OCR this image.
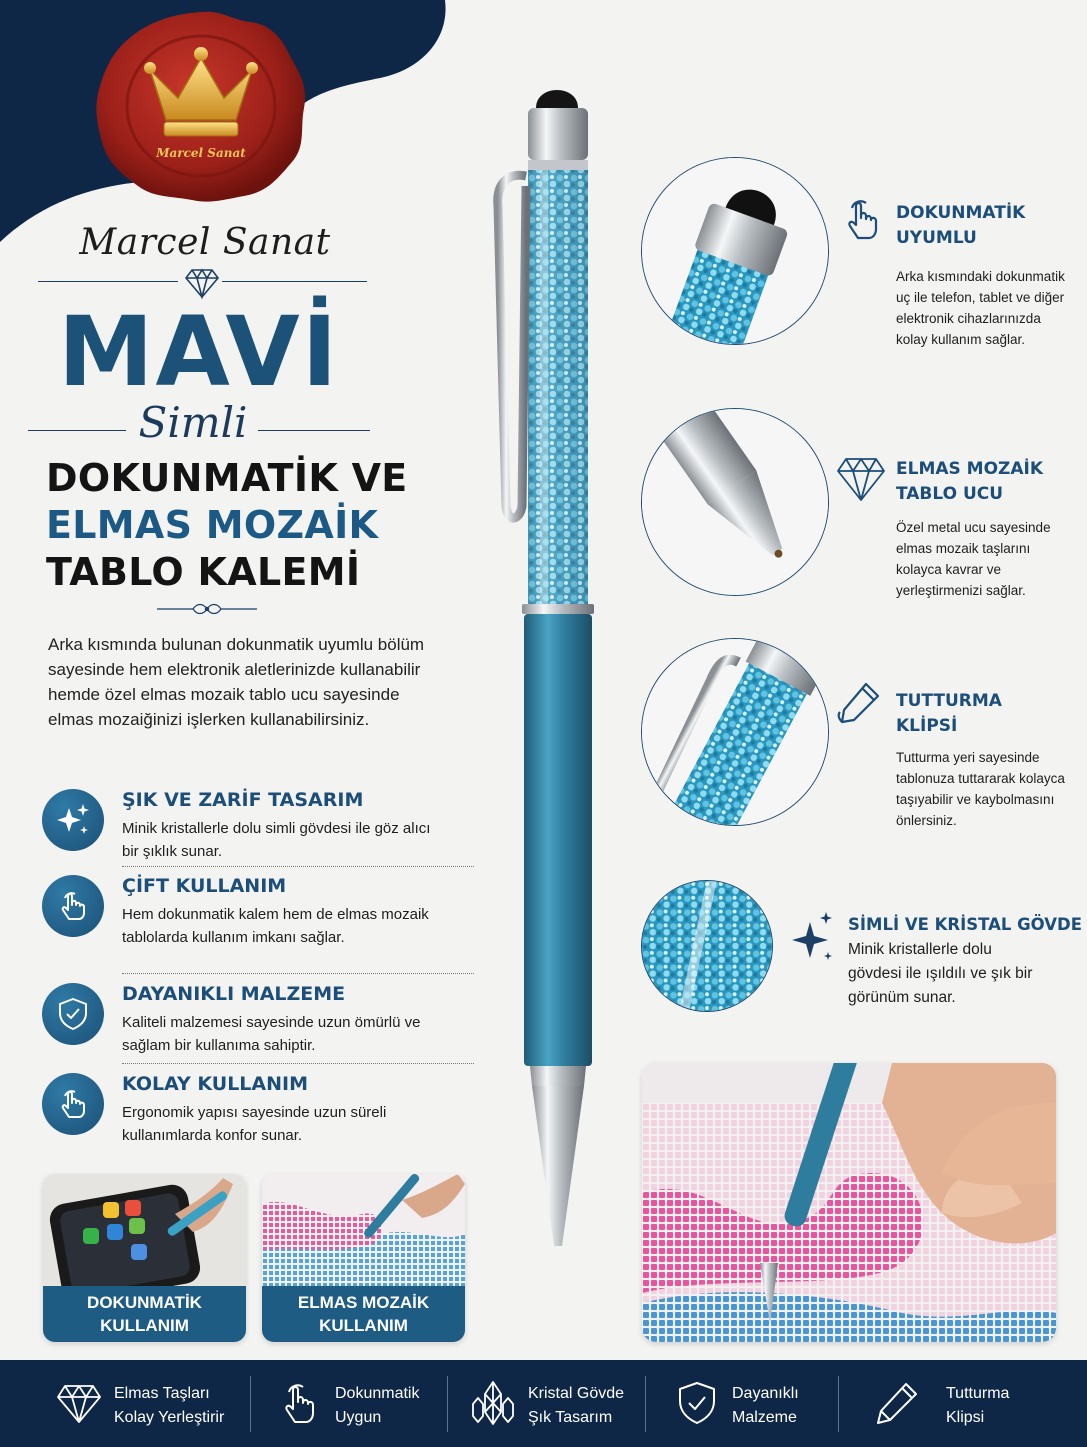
Marcel Sanat
Marcel Sanat
MAVİ
Simli
DOKUNMATİK VE
ELMAS MOZAİK
TABLO KALEMİ
Arka kısmında bulunan dokunmatik uyumlu bölüm sayesinde hem elektronik aletlerinizde kullanabilir hemde özel elmas mozaik tablo ucu sayesinde elmas mozaiğinizi işlerken kullanabilirsiniz.
ŞIK VE ZARİF TASARIM
Minik kristallerle dolu simli gövdesi ile göz alıcı bir şıklık sunar.
ÇİFT KULLANIM
Hem dokunmatik kalem hem de elmas mozaik tablolarda kullanım imkanı sağlar.
DAYANIKLI MALZEME
Kaliteli malzemesi sayesinde uzun ömürlü ve sağlam bir kullanıma sahiptir.
KOLAY KULLANIM
Ergonomik yapısı sayesinde uzun süreli kullanımlarda konfor sunar.
DOKUNMATİK
KULLANIM
ELMAS MOZAİK
KULLANIM
DOKUNMATİK
UYUMLU
Arka kısmındaki dokunmatik uç ile telefon, tablet ve diğer elektronik cihazlarınızda kolay kullanım sağlar.
ELMAS MOZAİK
TABLO UCU
Özel metal ucu sayesinde elmas mozaik taşlarını kolayca kavrar ve yerleştirmenizi sağlar.
TUTTURMA
KLİPSİ
Tutturma yeri sayesinde tablonuza tuttararak kolayca taşıyabilir ve kaybolmasını önlersiniz.
SİMLİ VE KRİSTAL GÖVDE
Minik kristallerle dolu gövdesi ile ışıldılı ve şık bir görünüm sunar.
Elmas Taşları
Kolay Yerleştirir
Dokunmatik
Uygun
Kristal Gövde
Şık Tasarım
Dayanıklı
Malzeme
Tutturma
Klipsi
